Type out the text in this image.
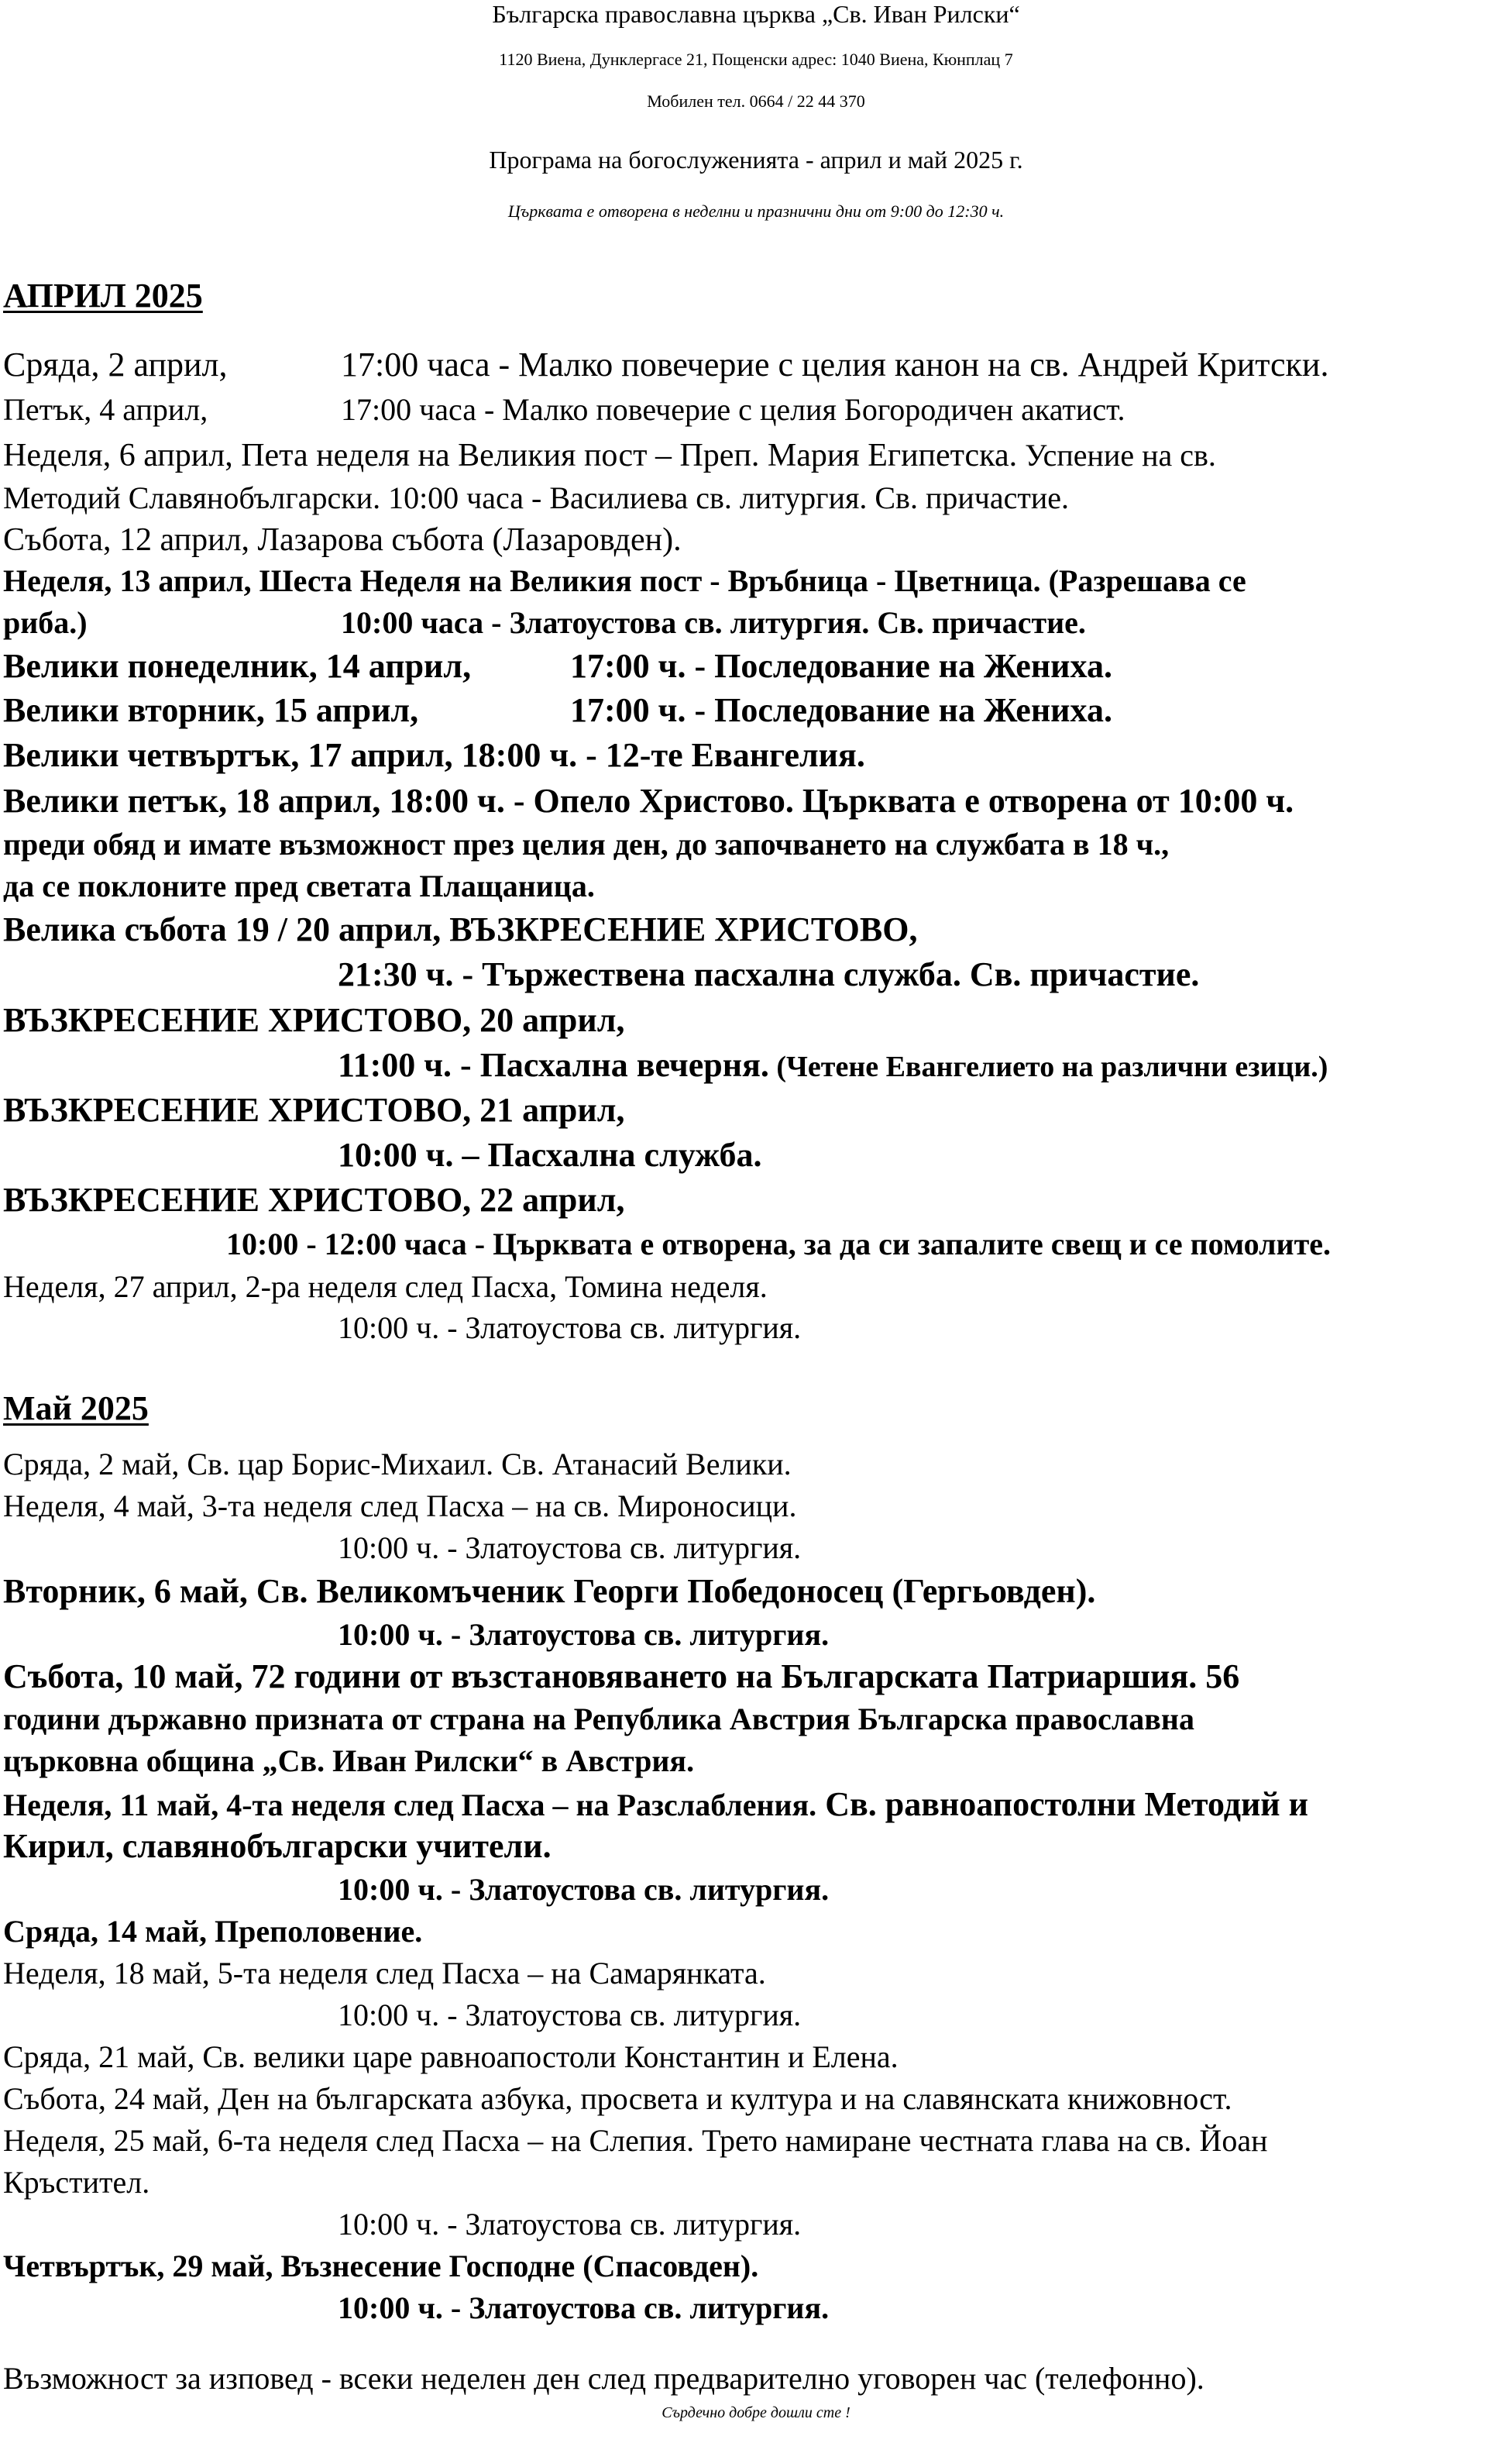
Българска православна църква „Св. Иван Рилски“
1120 Виена, Дунклергасе 21, Пощенски адрес: 1040 Виена, Кюнплац 7
Мобилен тел. 0664 / 22 44 370
Програма на богослуженията - април и май 2025 г.
Църквата е отворена в неделни и празнични дни от 9:00 до 12:30 ч.
АПРИЛ 2025
Сряда, 2 април,	17:00 часа - Малко повечерие с целия канон на св. Андрей Критски.
Петък, 4 април,	17:00 часа - Малко повечерие с целия Богородичен акатист.
Неделя, 6 април, Пета неделя на Великия пост – Преп. Мария Египетска. Успение на св.
Методий Славянобългарски. 10:00 часа - Василиева св. литургия. Св. причастие.
Събота, 12 април, Лазарова събота (Лазаровден).
Неделя, 13 април, Шеста Неделя на Великия пост - Връбница - Цветница. (Разрешава се
риба.)	10:00 часа - Златоустова св. литургия. Св. причастие.
Велики понеделник, 14 април,	17:00 ч. - Последование на Жениха.
Велики вторник, 15 април,	17:00 ч. - Последование на Жениха.
Велики четвъртък, 17 април, 18:00 ч. - 12-те Евангелия.
Велики петък, 18 април, 18:00 ч. - Опело Христово. Църквата е отворена от 10:00 ч.
преди обяд и имате възможност през целия ден, до започването на службата в 18 ч.,
да се поклоните пред светата Плащаница.
Велика събота 19 / 20 април, ВЪЗКРЕСЕНИЕ ХРИСТОВО,
21:30 ч. - Тържествена пасхална служба. Св. причастие.
ВЪЗКРЕСЕНИЕ ХРИСТОВО, 20 април,
11:00 ч. - Пасхална вечерня. (Четене Евангелието на различни езици.)
ВЪЗКРЕСЕНИЕ ХРИСТОВО, 21 април,
10:00 ч. – Пасхална служба.
ВЪЗКРЕСЕНИЕ ХРИСТОВО, 22 април,
10:00 - 12:00 часа - Църквата е отворена, за да си запалите свещ и се помолите.
Неделя, 27 април, 2-ра неделя след Пасха, Томина неделя.
10:00 ч. - Златоустова св. литургия.
Май 2025
Сряда, 2 май, Св. цар Борис-Михаил. Св. Атанасий Велики.
Неделя, 4 май, 3-та неделя след Пасха – на св. Мироносици.
10:00 ч. - Златоустова св. литургия.
Вторник, 6 май, Св. Великомъченик Георги Победоносец (Гергьовден).
10:00 ч. - Златоустова св. литургия.
Събота, 10 май, 72 години от възстановяването на Българската Патриаршия. 56
години държавно призната от страна на Република Австрия Българска православна
църковна община „Св. Иван Рилски“ в Австрия.
Неделя, 11 май, 4-та неделя след Пасха – на Разслабления. Св. равноапостолни Методий и
Кирил, славянобългарски учители.
10:00 ч. - Златоустова св. литургия.
Сряда, 14 май, Преполовение.
Неделя, 18 май, 5-та неделя след Пасха – на Самарянката.
10:00 ч. - Златоустова св. литургия.
Сряда, 21 май, Св. велики царе равноапостоли Константин и Елена.
Събота, 24 май, Ден на българската азбука, просвета и култура и на славянската книжовност.
Неделя, 25 май, 6-та неделя след Пасха – на Слепия. Трето намиране честната глава на св. Йоан
Кръстител.
10:00 ч. - Златоустова св. литургия.
Четвъртък, 29 май, Възнесение Господне (Спасовден).
10:00 ч. - Златоустова св. литургия.
Възможност за изповед - всеки неделен ден след предварително уговорен час (телефонно).
Сърдечно добре дошли сте !
